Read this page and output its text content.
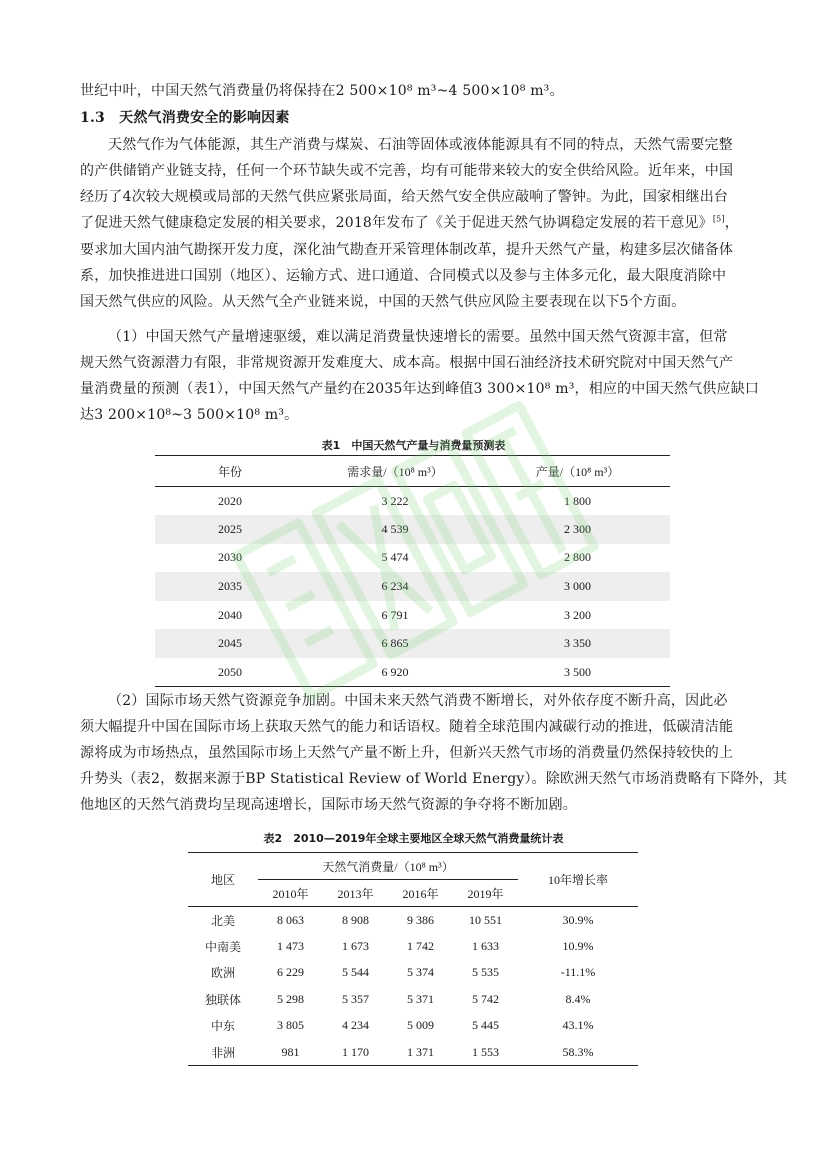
世纪中叶，中国天然气消费量仍将保持在2 500×10⁸ m³~4 500×10⁸ m³。
1.3　天然气消费安全的影响因素
天然气作为气体能源，其生产消费与煤炭、石油等固体或液体能源具有不同的特点，天然气需要完整
的产供储销产业链支持，任何一个环节缺失或不完善，均有可能带来较大的安全供给风险。近年来，中国
经历了4次较大规模或局部的天然气供应紧张局面，给天然气安全供应敲响了警钟。为此，国家相继出台
了促进天然气健康稳定发展的相关要求，2018年发布了《关于促进天然气协调稳定发展的若干意见》[5]，
要求加大国内油气勘探开发力度，深化油气勘查开采管理体制改革，提升天然气产量，构建多层次储备体
系，加快推进进口国别（地区）、运输方式、进口通道、合同模式以及参与主体多元化，最大限度消除中
国天然气供应的风险。从天然气全产业链来说，中国的天然气供应风险主要表现在以下5个方面。
（1）中国天然气产量增速驱缓，难以满足消费量快速增长的需要。虽然中国天然气资源丰富，但常
规天然气资源潜力有限，非常规资源开发难度大、成本高。根据中国石油经济技术研究院对中国天然气产
量消费量的预测（表1），中国天然气产量约在2035年达到峰值3 300×10⁸ m³，相应的中国天然气供应缺口
达3 200×10⁸~3 500×10⁸ m³。
表1　中国天然气产量与消费量预测表
年份	需求量/（10⁸ m³）	产量/（10⁸ m³）
2020	3 222	1 800
2025	4 539	2 300
2030	5 474	2 800
2035	6 234	3 000
2040	6 791	3 200
2045	6 865	3 350
2050	6 920	3 500
（2）国际市场天然气资源竞争加剧。中国未来天然气消费不断增长，对外依存度不断升高，因此必
须大幅提升中国在国际市场上获取天然气的能力和话语权。随着全球范围内减碳行动的推进，低碳清洁能
源将成为市场热点，虽然国际市场上天然气产量不断上升，但新兴天然气市场的消费量仍然保持较快的上
升势头（表2，数据来源于BP Statistical Review of World Energy）。除欧洲天然气市场消费略有下降外，其
他地区的天然气消费均呈现高速增长，国际市场天然气资源的争夺将不断加剧。
表2　2010—2019年全球主要地区全球天然气消费量统计表
地区	天然气消费量/（10⁸ m³）				10年增长率
	2010年	2013年	2016年	2019年	
北美	8 063	8 908	9 386	10 551	30.9%
中南美	1 473	1 673	1 742	1 633	10.9%
欧洲	6 229	5 544	5 374	5 535	-11.1%
独联体	5 298	5 357	5 371	5 742	8.4%
中东	3 805	4 234	5 009	5 445	43.1%
非洲	981	1 170	1 371	1 553	58.3%
